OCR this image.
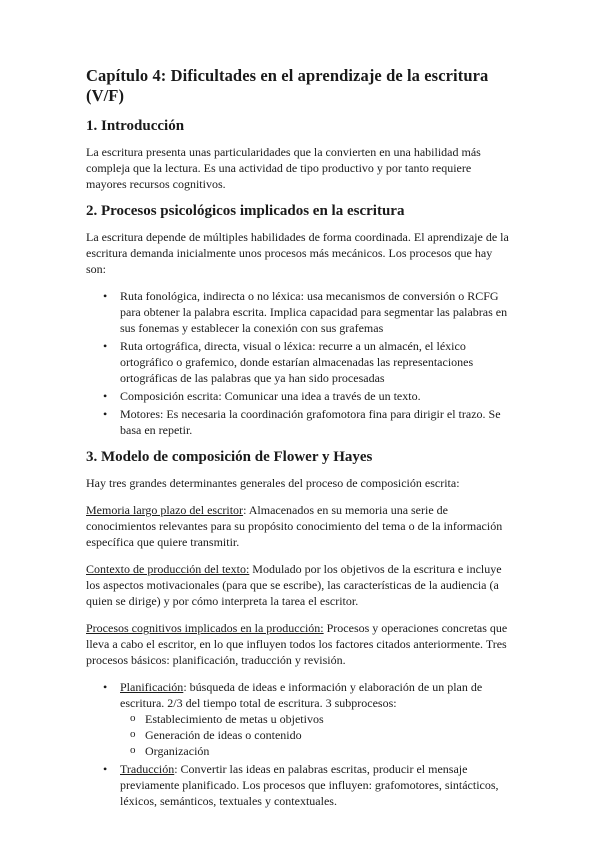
Capítulo 4: Dificultades en el aprendizaje de la escritura (V/F)
1. Introducción

La escritura presenta unas particularidades que la convierten en una habilidad más compleja que la lectura. Es una actividad de tipo productivo y por tanto requiere mayores recursos cognitivos.

2. Procesos psicológicos implicados en la escritura

La escritura depende de múltiples habilidades de forma coordinada. El aprendizaje de la escritura demanda inicialmente unos procesos más mecánicos. Los procesos que hay son:

• Ruta fonológica, indirecta o no léxica: usa mecanismos de conversión o RCFG para obtener la palabra escrita. Implica capacidad para segmentar las palabras en sus fonemas y establecer la conexión con sus grafemas
• Ruta ortográfica, directa, visual o léxica: recurre a un almacén, el léxico ortográfico o grafemico, donde estarían almacenadas las representaciones ortográficas de las palabras que ya han sido procesadas
• Composición escrita: Comunicar una idea a través de un texto.
• Motores: Es necesaria la coordinación grafomotora fina para dirigir el trazo. Se basa en repetir.
3. Modelo de composición de Flower y Hayes

Hay tres grandes determinantes generales del proceso de composición escrita:

Memoria largo plazo del escritor: Almacenados en su memoria una serie de conocimientos relevantes para su propósito conocimiento del tema o de la información específica que quiere transmitir.

Contexto de producción del texto: Modulado por los objetivos de la escritura e incluye los aspectos motivacionales (para que se escribe), las características de la audiencia (a quien se dirige) y por cómo interpreta la tarea el escritor.

Procesos cognitivos implicados en la producción: Procesos y operaciones concretas que lleva a cabo el escritor, en lo que influyen todos los factores citados anteriormente. Tres procesos básicos: planificación, traducción y revisión.

• Planificación: búsqueda de ideas e información y elaboración de un plan de escritura. 2/3 del tiempo total de escritura. 3 subprocesos:
o Establecimiento de metas u objetivos
o Generación de ideas o contenido
o Organización
• Traducción: Convertir las ideas en palabras escritas, producir el mensaje previamente planificado. Los procesos que influyen: grafomotores, sintácticos, léxicos, semánticos, textuales y contextuales.
